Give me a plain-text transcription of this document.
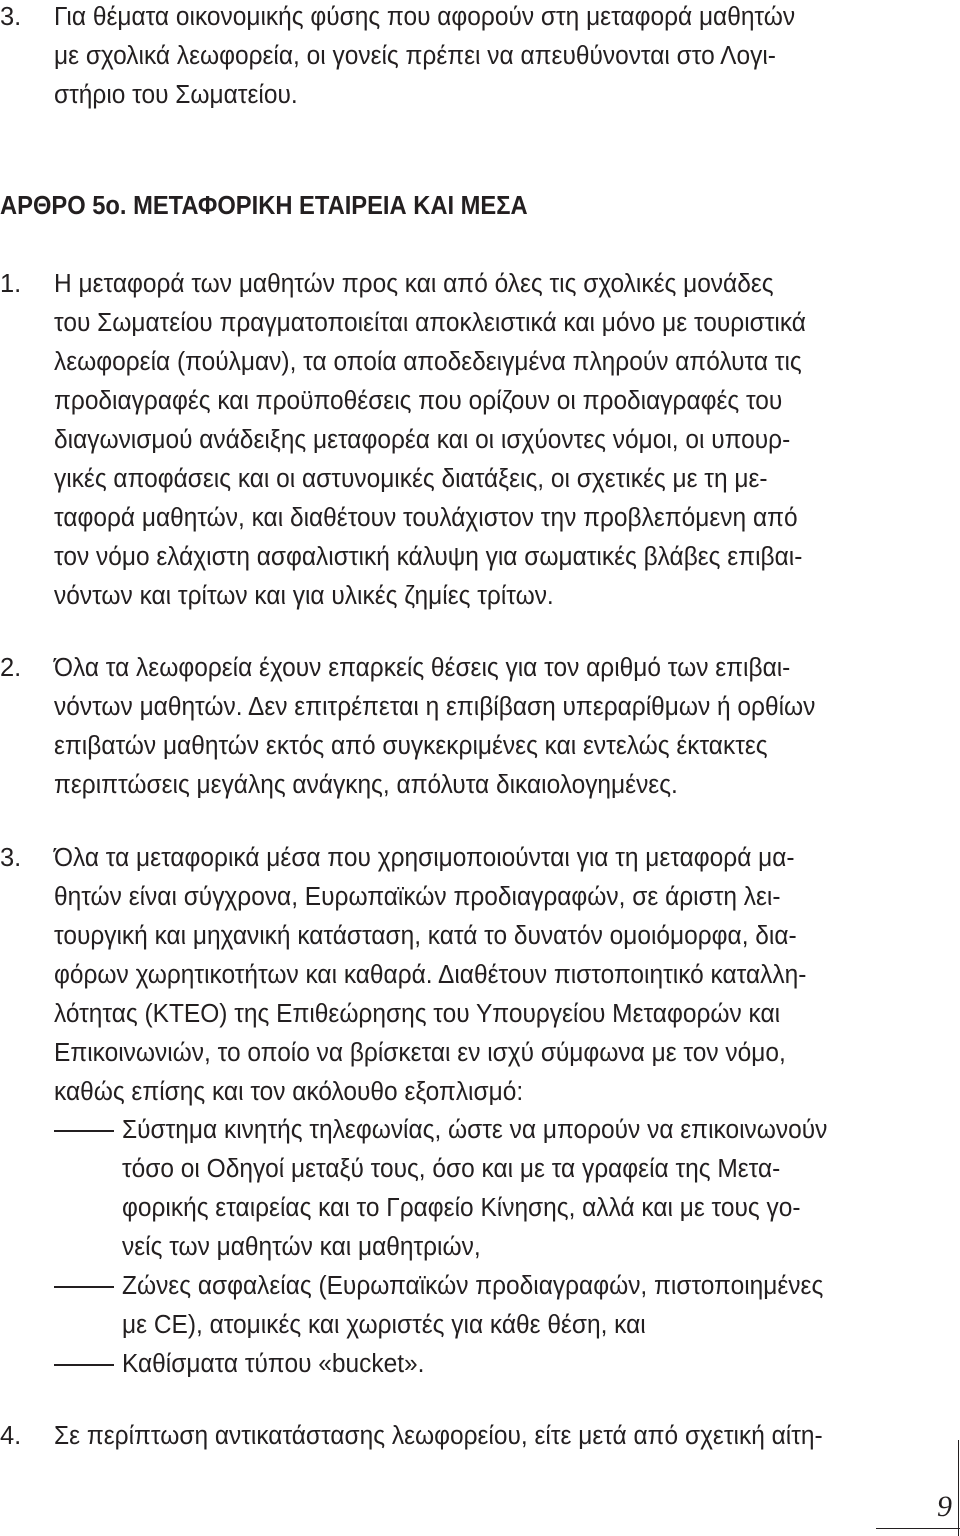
3. Για θέματα οικονομικής φύσης που αφορούν στη μεταφορά μαθητών

με σχολικά λεωφορεία, οι γονείς πρέπει να απευθύνονται στο Λογι-

στήριο του Σωματείου.

ΑΡΘΡΟ 5ο. ΜΕΤΑΦΟΡΙΚΗ ΕΤΑΙΡΕΙΑ ΚΑΙ ΜΕΣΑ

1. Η μεταφορά των μαθητών προς και από όλες τις σχολικές μονάδες

του Σωματείου πραγματοποιείται αποκλειστικά και μόνο με τουριστικά

λεωφορεία (πούλμαν), τα οποία αποδεδειγμένα πληρούν απόλυτα τις

προδιαγραφές και προϋποθέσεις που ορίζουν οι προδιαγραφές του

διαγωνισμού ανάδειξης μεταφορέα και οι ισχύοντες νόμοι, οι υπουρ-

γικές αποφάσεις και οι αστυνομικές διατάξεις, οι σχετικές με τη με-

ταφορά μαθητών, και διαθέτουν τουλάχιστον την προβλεπόμενη από

τον νόμο ελάχιστη ασφαλιστική κάλυψη για σωματικές βλάβες επιβαι-

νόντων και τρίτων και για υλικές ζημίες τρίτων.

2. Όλα τα λεωφορεία έχουν επαρκείς θέσεις για τον αριθμό των επιβαι-

νόντων μαθητών. Δεν επιτρέπεται η επιβίβαση υπεραρίθμων ή ορθίων

επιβατών μαθητών εκτός από συγκεκριμένες και εντελώς έκτακτες

περιπτώσεις μεγάλης ανάγκης, απόλυτα δικαιολογημένες.

3. Όλα τα μεταφορικά μέσα που χρησιμοποιούνται για τη μεταφορά μα-

θητών είναι σύγχρονα, Ευρωπαϊκών προδιαγραφών, σε άριστη λει-

τουργική και μηχανική κατάσταση, κατά το δυνατόν ομοιόμορφα, δια-

φόρων χωρητικοτήτων και καθαρά. Διαθέτουν πιστοποιητικό καταλλη-

λότητας (ΚΤΕΟ) της Επιθεώρησης του Υπουργείου Μεταφορών και

Επικοινωνιών, το οποίο να βρίσκεται εν ισχύ σύμφωνα με τον νόμο,

καθώς επίσης και τον ακόλουθο εξοπλισμό:

Σύστημα κινητής τηλεφωνίας, ώστε να μπορούν να επικοινωνούν

τόσο οι Οδηγοί μεταξύ τους, όσο και με τα γραφεία της Μετα-

φορικής εταιρείας και το Γραφείο Κίνησης, αλλά και με τους γο-

νείς των μαθητών και μαθητριών,

Ζώνες ασφαλείας (Ευρωπαϊκών προδιαγραφών, πιστοποιημένες

με CE), ατομικές και χωριστές για κάθε θέση, και

Καθίσματα τύπου «bucket».

4. Σε περίπτωση αντικατάστασης λεωφορείου, είτε μετά από σχετική αίτη-

9
